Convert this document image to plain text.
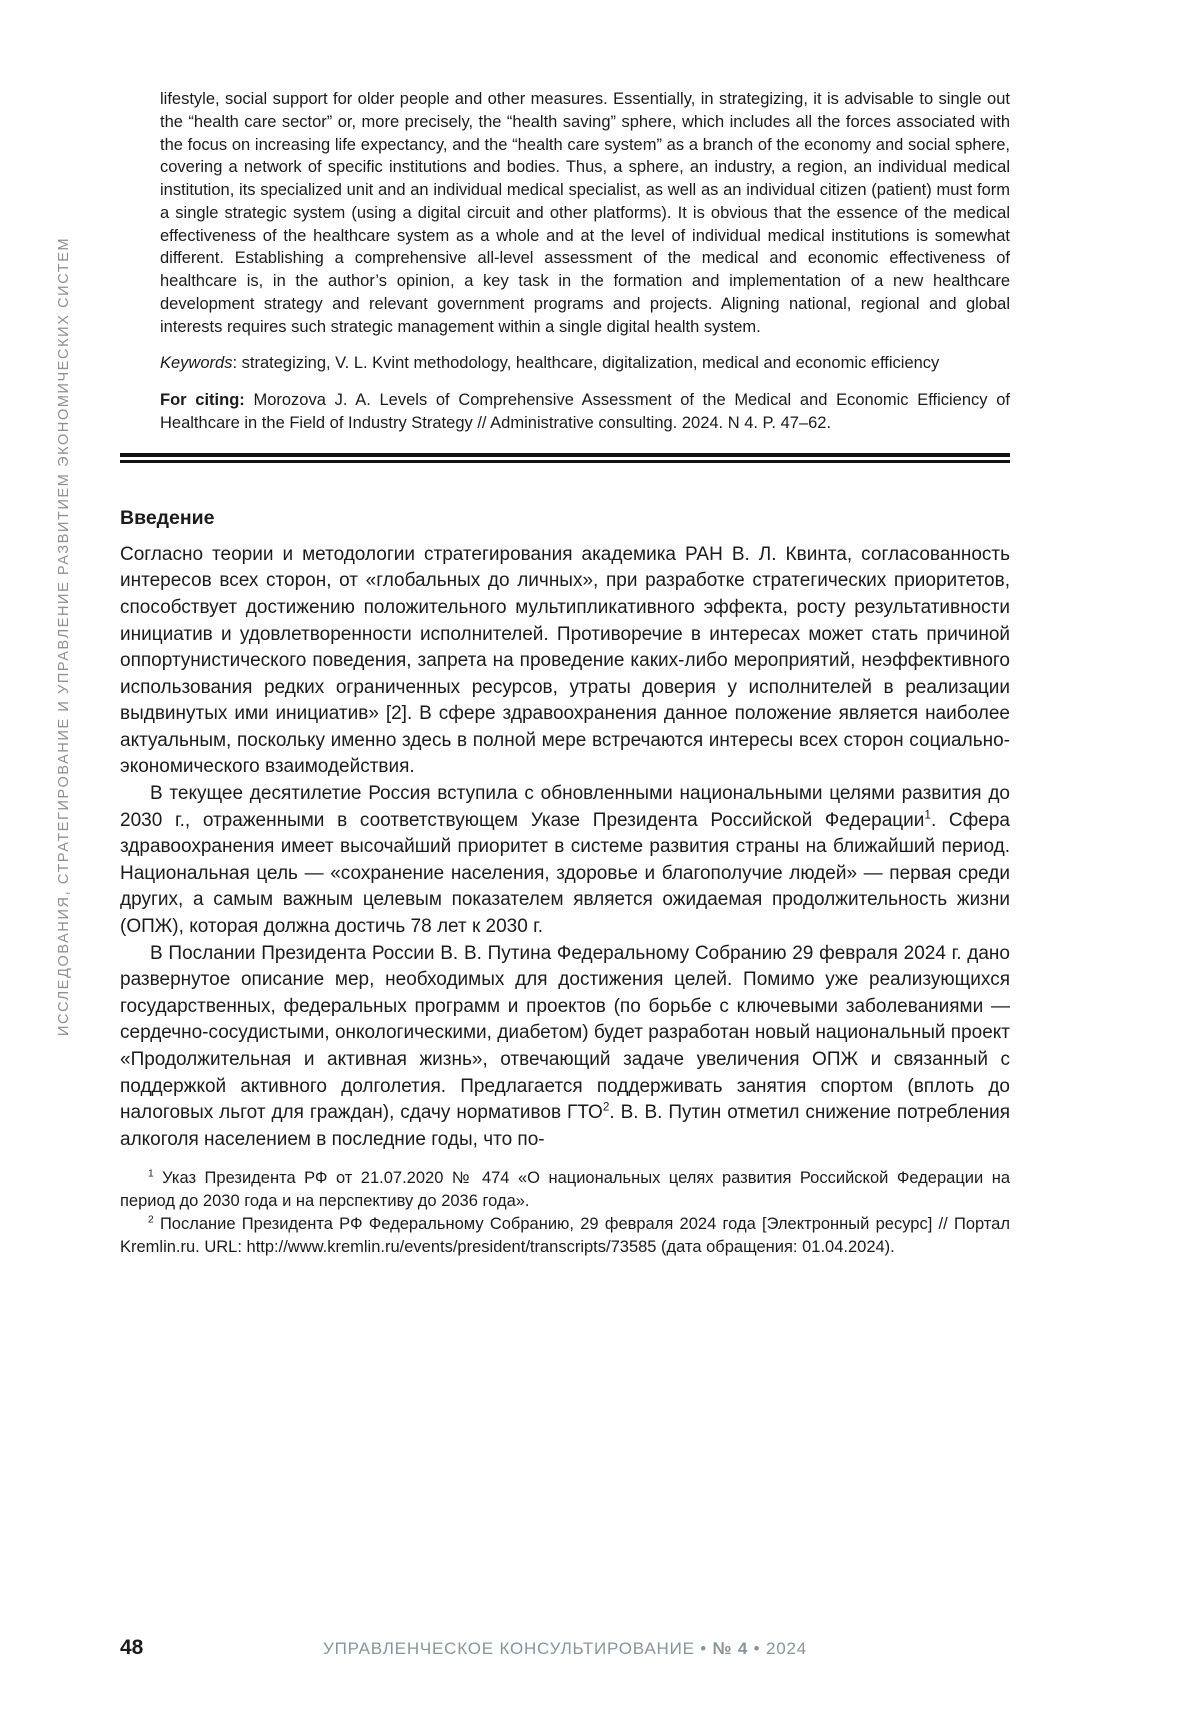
ИССЛЕДОВАНИЯ, СТРАТЕГИРОВАНИЕ И УПРАВЛЕНИЕ РАЗВИТИЕМ ЭКОНОМИЧЕСКИХ СИСТЕМ

lifestyle, social support for older people and other measures. Essentially, in strategizing, it is advisable to single out the “health care sector” or, more precisely, the “health saving” sphere, which includes all the forces associated with the focus on increasing life expectancy, and the “health care system” as a branch of the economy and social sphere, covering a network of specific institutions and bodies. Thus, a sphere, an industry, a region, an individual medical institution, its specialized unit and an individual medical specialist, as well as an individual citizen (patient) must form a single strategic system (using a digital circuit and other platforms). It is obvious that the essence of the medical effectiveness of the healthcare system as a whole and at the level of individual medical institutions is somewhat different. Establishing a comprehensive all-level assessment of the medical and economic effectiveness of healthcare is, in the author’s opinion, a key task in the formation and implementation of a new healthcare development strategy and relevant government programs and projects. Aligning national, regional and global interests requires such strategic management within a single digital health system.

Keywords: strategizing, V. L. Kvint methodology, healthcare, digitalization, medical and economic efficiency

For citing: Morozova J. A. Levels of Comprehensive Assessment of the Medical and Economic Efficiency of Healthcare in the Field of Industry Strategy // Administrative consulting. 2024. N 4. P. 47–62.

Введение

Согласно теории и методологии стратегирования академика РАН В. Л. Квинта, согласованность интересов всех сторон, от «глобальных до личных», при разработке стратегических приоритетов, способствует достижению положительного мультипликативного эффекта, росту результативности инициатив и удовлетворенности исполнителей. Противоречие в интересах может стать причиной оппортунистического поведения, запрета на проведение каких-либо мероприятий, неэффективного использования редких ограниченных ресурсов, утраты доверия у исполнителей в реализации выдвинутых ими инициатив» [2]. В сфере здравоохранения данное положение является наиболее актуальным, поскольку именно здесь в полной мере встречаются интересы всех сторон социально-экономического взаимодействия.

В текущее десятилетие Россия вступила с обновленными национальными целями развития до 2030 г., отраженными в соответствующем Указе Президента Российской Федерации$^1$. Сфера здравоохранения имеет высочайший приоритет в системе развития страны на ближайший период. Национальная цель — «сохранение населения, здоровье и благополучие людей» — первая среди других, а самым важным целевым показателем является ожидаемая продолжительность жизни (ОПЖ), которая должна достичь 78 лет к 2030 г.

В Послании Президента России В. В. Путина Федеральному Собранию 29 февраля 2024 г. дано развернутое описание мер, необходимых для достижения целей. Помимо уже реализующихся государственных, федеральных программ и проектов (по борьбе с ключевыми заболеваниями — сердечно-сосудистыми, онкологическими, диабетом) будет разработан новый национальный проект «Продолжительная и активная жизнь», отвечающий задаче увеличения ОПЖ и связанный с поддержкой активного долголетия. Предлагается поддерживать занятия спортом (вплоть до налоговых льгот для граждан), сдачу нормативов ГТО$^2$. В. В. Путин отметил снижение потребления алкоголя населением в последние годы, что по-

$^1$ Указ Президента РФ от 21.07.2020 № 474 «О национальных целях развития Российской Федерации на период до 2030 года и на перспективу до 2036 года».

$^2$ Послание Президента РФ Федеральному Собранию, 29 февраля 2024 года [Электронный ресурс] // Портал Kremlin.ru. URL: http://www.kremlin.ru/events/president/transcripts/73585 (дата обращения: 01.04.2024).

48	УПРАВЛЕНЧЕСКОЕ КОНСУЛЬТИРОВАНИЕ • № 4 • 2024
